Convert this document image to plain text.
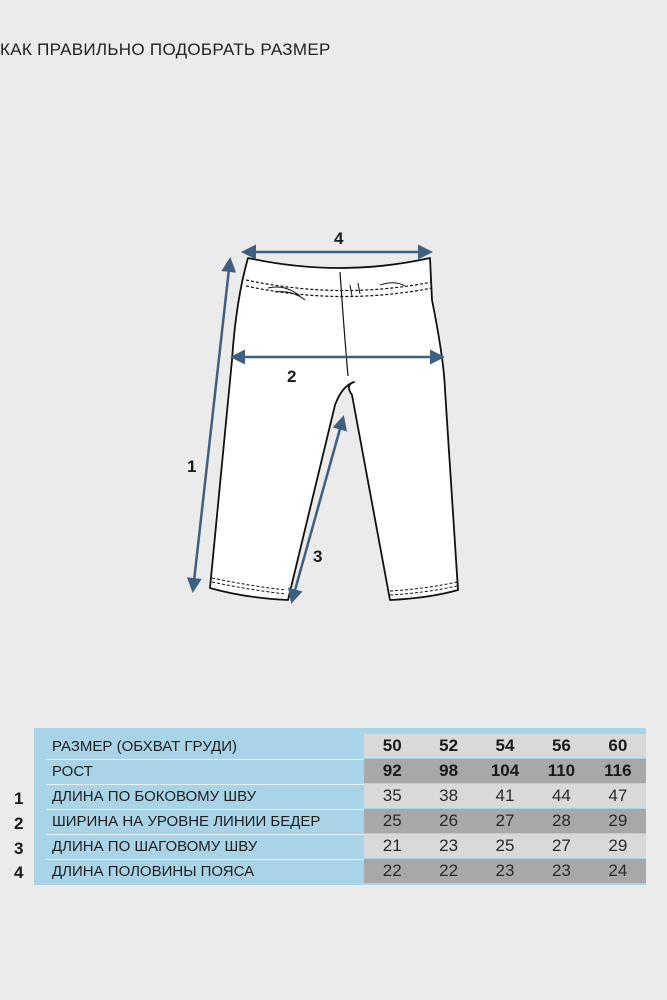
КАК ПРАВИЛЬНО ПОДОБРАТЬ РАЗМЕР
4
2
1
3
РАЗМЕР (ОБХВАТ ГРУДИ)	50	52	54	56	60
РОСТ	92	98	104	110	116
ДЛИНА ПО БОКОВОМУ ШВУ	35	38	41	44	47
ШИРИНА НА УРОВНЕ ЛИНИИ БЕДЕР	25	26	27	28	29
ДЛИНА ПО ШАГОВОМУ ШВУ	21	23	25	27	29
ДЛИНА ПОЛОВИНЫ ПОЯСА	22	22	23	23	24
1
2
3
4
